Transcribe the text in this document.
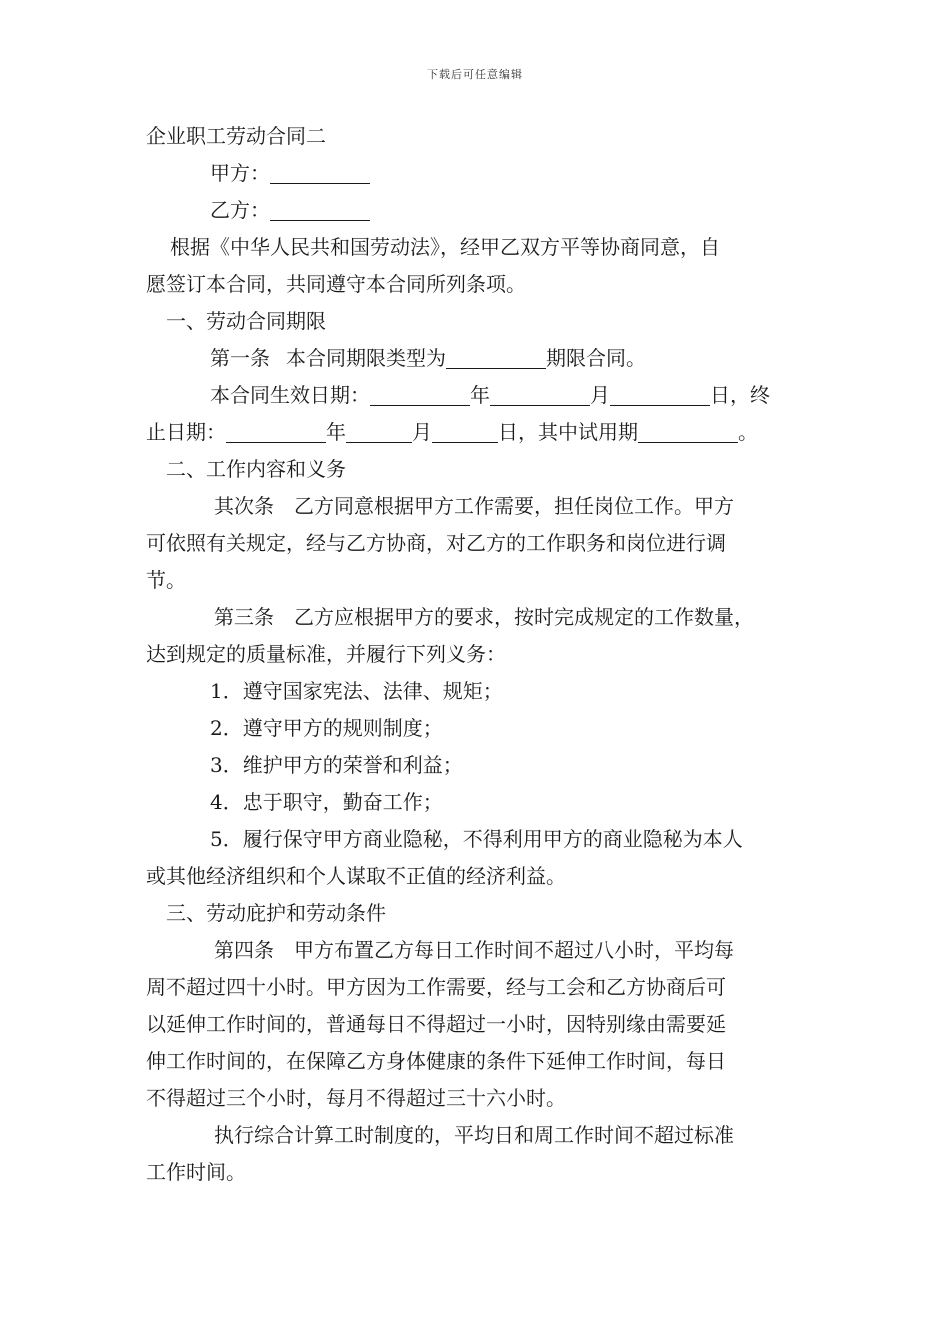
下载后可任意编辑
企业职工劳动合同二
甲方：
乙方：
根据《中华人民共和国劳动法》，经甲乙双方平等协商同意，自
愿签订本合同，共同遵守本合同所列条项。
一、劳动合同期限
第一条 本合同期限类型为	期限合同。
本合同生效日期：	年	月	日，终
止日期：	年	月	日，其中试用期	。
二、工作内容和义务
其次条　乙方同意根据甲方工作需要，担任岗位工作。甲方
可依照有关规定，经与乙方协商，对乙方的工作职务和岗位进行调
节。
第三条　乙方应根据甲方的要求，按时完成规定的工作数量，
达到规定的质量标准，并履行下列义务：
1．遵守国家宪法、法律、规矩；
2．遵守甲方的规则制度；
3．维护甲方的荣誉和利益；
4．忠于职守，勤奋工作；
5．履行保守甲方商业隐秘，不得利用甲方的商业隐秘为本人
或其他经济组织和个人谋取不正值的经济利益。
三、劳动庇护和劳动条件
第四条　甲方布置乙方每日工作时间不超过八小时，平均每
周不超过四十小时。甲方因为工作需要，经与工会和乙方协商后可
以延伸工作时间的，普通每日不得超过一小时，因特别缘由需要延
伸工作时间的，在保障乙方身体健康的条件下延伸工作时间，每日
不得超过三个小时，每月不得超过三十六小时。
执行综合计算工时制度的，平均日和周工作时间不超过标准
工作时间。
